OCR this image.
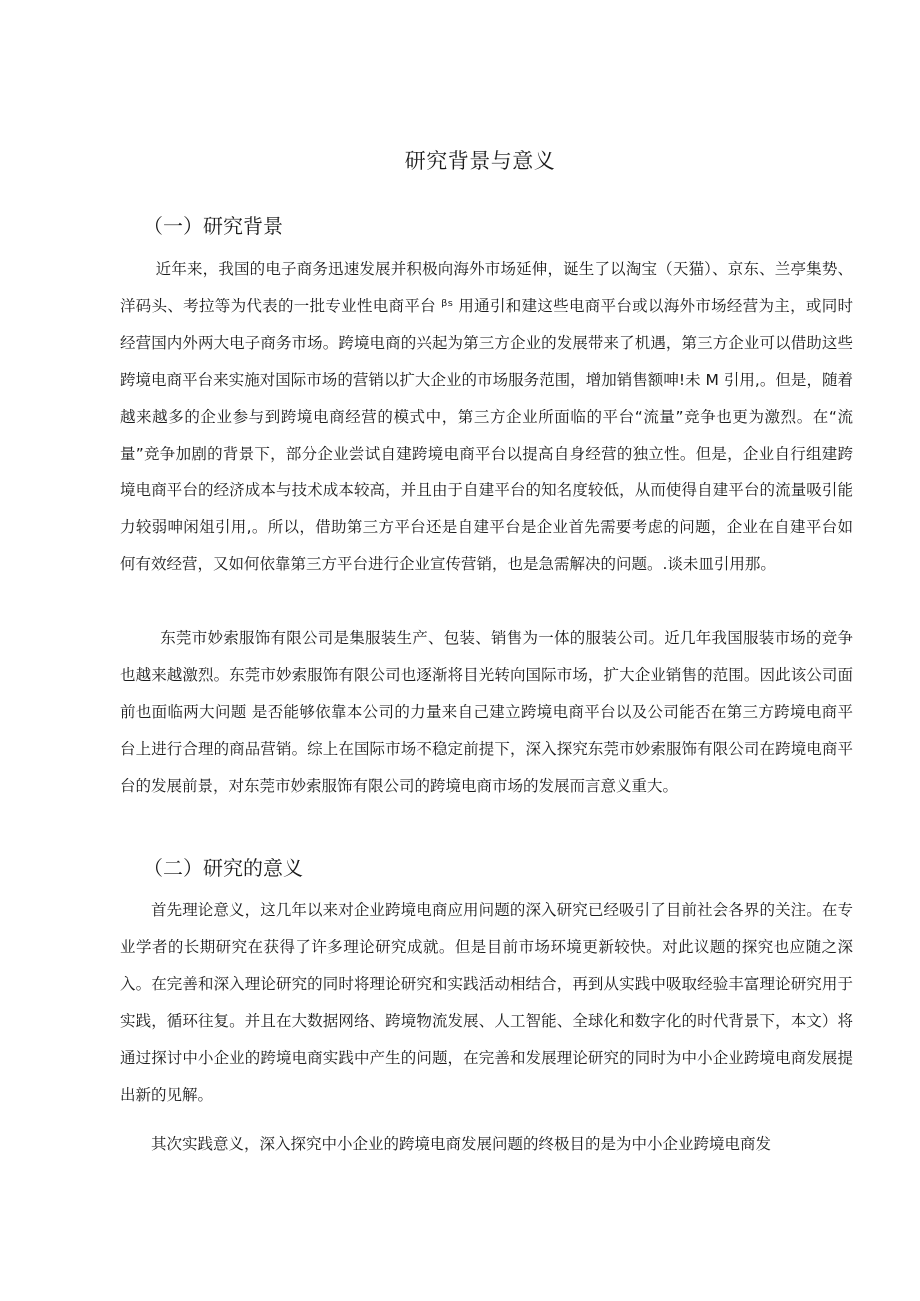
研究背景与意义
（一）研究背景

近年来，我国的电子商务迅速发展并积极向海外市场延伸，诞生了以淘宝（天猫）、京东、兰亭集势、洋码头、考拉等为代表的一批专业性电商平台 ᵝˢ 用通引和建这些电商平台或以海外市场经营为主，或同时经营国内外两大电子商务市场。跨境电商的兴起为第三方企业的发展带来了机遇，第三方企业可以借助这些跨境电商平台来实施对国际市场的营销以扩大企业的市场服务范围，增加销售额呻!未 M 引用,。但是，随着越来越多的企业参与到跨境电商经营的模式中，第三方企业所面临的平台“流量”竞争也更为激烈。在“流量”竞争加剧的背景下，部分企业尝试自建跨境电商平台以提高自身经营的独立性。但是，企业自行组建跨境电商平台的经济成本与技术成本较高，并且由于自建平台的知名度较低，从而使得自建平台的流量吸引能力较弱呻闲俎引用,。所以，借助第三方平台还是自建平台是企业首先需要考虑的问题，企业在自建平台如何有效经营，又如何依靠第三方平台进行企业宣传营销，也是急需解决的问题。.谈未皿引用那。

东莞市妙索服饰有限公司是集服装生产、包装、销售为一体的服装公司。近几年我国服装市场的竞争也越来越激烈。东莞市妙索服饰有限公司也逐渐将目光转向国际市场，扩大企业销售的范围。因此该公司面前也面临两大问题 是否能够依靠本公司的力量来自己建立跨境电商平台以及公司能否在第三方跨境电商平台上进行合理的商品营销。综上在国际市场不稳定前提下，深入探究东莞市妙索服饰有限公司在跨境电商平台的发展前景，对东莞市妙索服饰有限公司的跨境电商市场的发展而言意义重大。

（二）研究的意义

首先理论意义，这几年以来对企业跨境电商应用问题的深入研究已经吸引了目前社会各界的关注。在专业学者的长期研究在获得了许多理论研究成就。但是目前市场环境更新较快。对此议题的探究也应随之深入。在完善和深入理论研究的同时将理论研究和实践活动相结合，再到从实践中吸取经验丰富理论研究用于实践，循环往复。并且在大数据网络、跨境物流发展、人工智能、全球化和数字化的时代背景下，本文）将通过探讨中小企业的跨境电商实践中产生的问题，在完善和发展理论研究的同时为中小企业跨境电商发展提出新的见解。

其次实践意义，深入探究中小企业的跨境电商发展问题的终极目的是为中小企业跨境电商发
